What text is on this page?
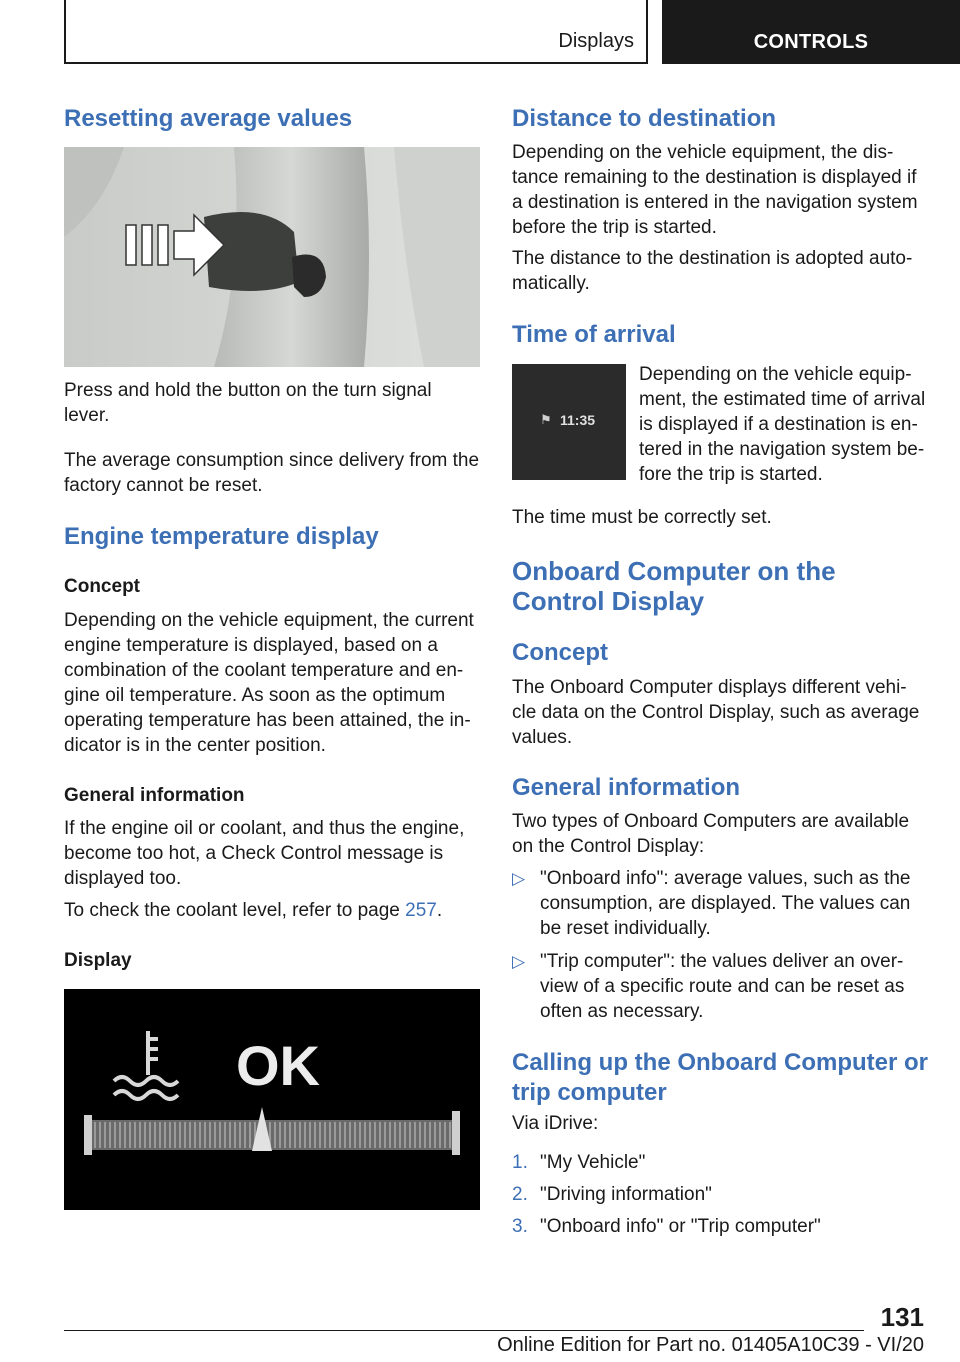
Displays	CONTROLS
Resetting average values

Press and hold the button on the turn signal lever.

The average consumption since delivery from the factory cannot be reset.

Engine temperature display
Concept

Depending on the vehicle equipment, the current engine temperature is displayed, based on a combination of the coolant temperature and en- gine oil temperature. As soon as the optimum operating temperature has been attained, the in- dicator is in the center position.

General information

If the engine oil or coolant, and thus the engine, become too hot, a Check Control message is displayed too.

To check the coolant level, refer to page 257.

Display
OK
Distance to destination

Depending on the vehicle equipment, the dis- tance remaining to the destination is displayed if a destination is entered in the navigation system before the trip is started.

The distance to the destination is adopted auto- matically.

Time of arrival
⚑ 11:35

Depending on the vehicle equip- ment, the estimated time of arrival is displayed if a destination is en- tered in the navigation system be- fore the trip is started.

The time must be correctly set.

Onboard Computer on the
Control Display
Concept

The Onboard Computer displays different vehi- cle data on the Control Display, such as average values.

General information

Two types of Onboard Computers are available on the Control Display:

▷ "Onboard info": average values, such as the consumption, are displayed. The values can be reset individually.
▷ "Trip computer": the values deliver an over- view of a specific route and can be reset as often as necessary.
Calling up the Onboard Computer or
trip computer

Via iDrive:

1. "My Vehicle"
2. "Driving information"
3. "Onboard info" or "Trip computer"
131
Online Edition for Part no. 01405A10C39 - VI/20
